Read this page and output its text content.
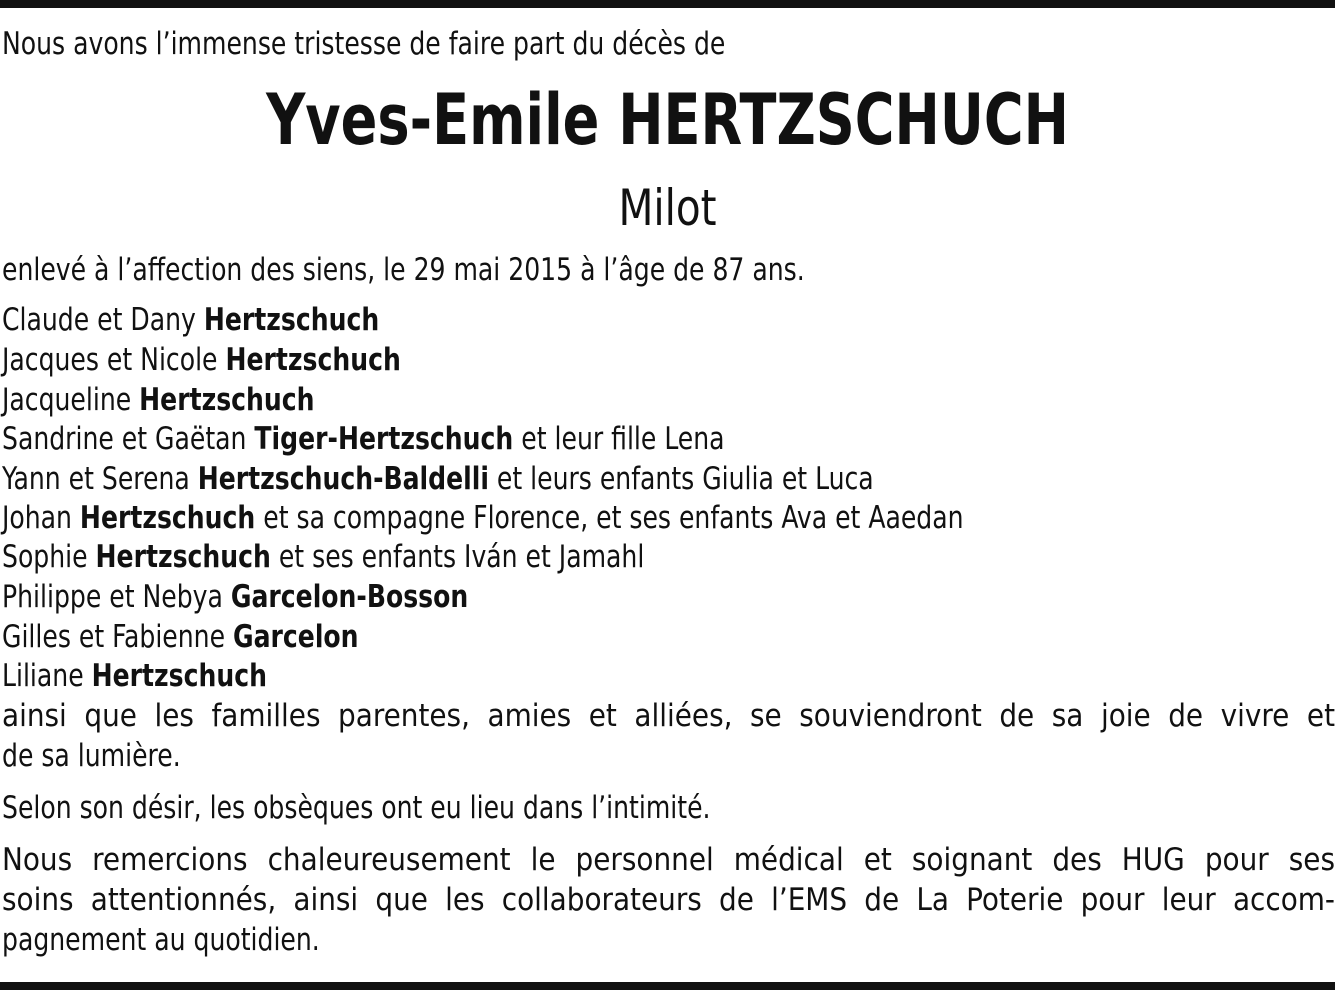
Nous avons l’immense tristesse de faire part du décès de
Yves-Emile HERTZSCHUCH
Milot
enlevé à l’affection des siens, le 29 mai 2015 à l’âge de 87 ans.
Claude et Dany Hertzschuch
Jacques et Nicole Hertzschuch
Jacqueline Hertzschuch
Sandrine et Gaëtan Tiger-Hertzschuch et leur fille Lena
Yann et Serena Hertzschuch-Baldelli et leurs enfants Giulia et Luca
Johan Hertzschuch et sa compagne Florence, et ses enfants Ava et Aaedan
Sophie Hertzschuch et ses enfants Iván et Jamahl
Philippe et Nebya Garcelon-Bosson
Gilles et Fabienne Garcelon
Liliane Hertzschuch
ainsi que les familles parentes, amies et alliées, se souviendront de sa joie de vivre et
de sa lumière.
Selon son désir, les obsèques ont eu lieu dans l’intimité.
Nous remercions chaleureusement le personnel médical et soignant des HUG pour ses
soins attentionnés, ainsi que les collaborateurs de l’EMS de La Poterie pour leur accom-
pagnement au quotidien.
